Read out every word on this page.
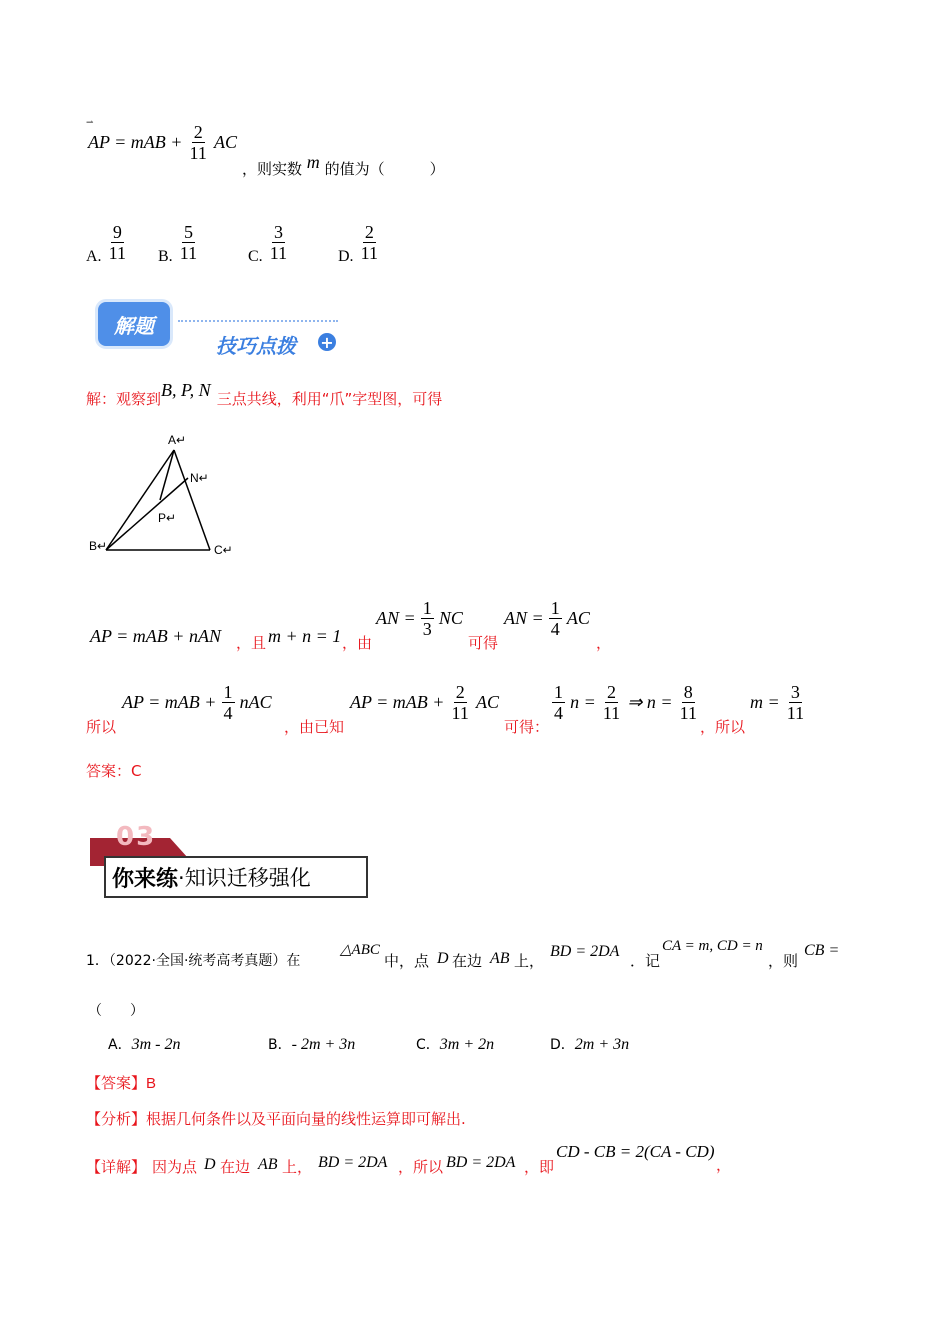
⇀
AP = mAB + $\frac{2}{11}$ AC
，则实数 m 的值为（　　　）
A. $\frac{9}{11} B$. $\frac{5}{11}$	C. $\frac{3}{11}$	D. $\frac{2}{11}$
解题
技巧点拨 +
解：观察到B, P, N 三点共线，利用“爪”字型图，可得
A↵
N↵
P↵
B↵	C↵
AP = mAB + nAN ，且 m + n = 1 ，由
AN = $\frac{1}{3}$ NC
可得
AN = $\frac{1}{4}$ AC
，
所以
AP = mAB + $\frac{1}{4}$ nAC
，由已知
AP = mAB + $\frac{2}{11}$ AC
可得：
$\frac{1}{4}$ $n = \frac{2}{11}$ ⇒ $n = \frac{8}{11}$
，所以
$m = \frac{3}{11}$
答案：C
03
你来练 ·知识迁移强化
1．（2022·全国·统考高考真题）在
△ABC
中，点 D 在边 AB 上，
BD = 2DA
．记
CA = m, CD = n
，则
CB =
（　　）
A．3m - 2n	B．- 2m + 3n	C．3m + 2n	D．2m + 3n
【答案】B
【分析】根据几何条件以及平面向量的线性运算即可解出.
【详解】 因为点 D 在边 AB 上， BD = 2DA ，所以 BD = 2DA ，即
CD - CB = 2(CA - CD)
，
